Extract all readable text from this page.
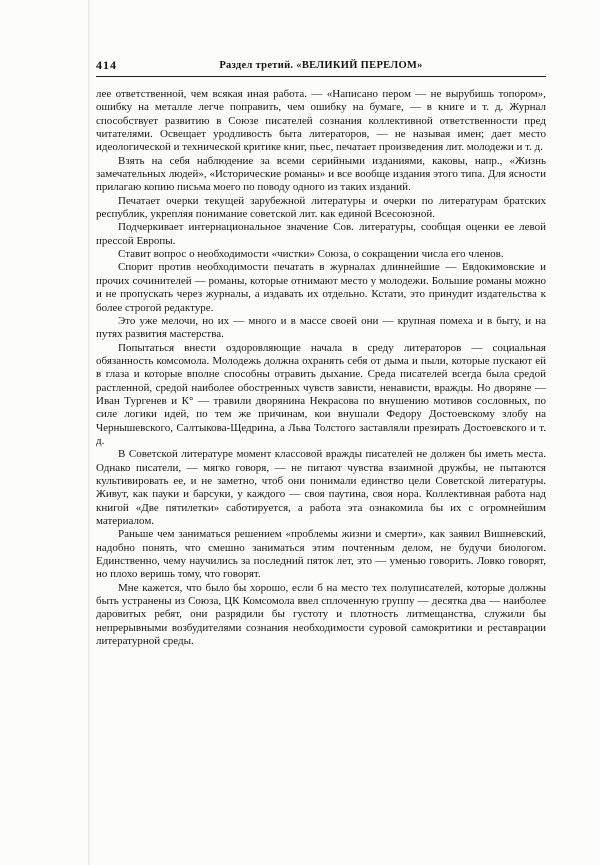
414	Раздел третий. «ВЕЛИКИЙ ПЕРЕЛОМ»

лее ответственной, чем всякая иная работа. — «Написано пером — не вырубишь топором», ошибку на металле легче поправить, чем ошибку на бумаге, — в книге и т. д. Журнал способствует развитию в Союзе писателей сознания коллективной ответственности пред читателями. Освещает уродливость быта литераторов, — не называя имен; дает место идеологической и технической критике книг, пьес, печатает произведения лит. молодежи и т. д.

Взять на себя наблюдение за всеми серийными изданиями, каковы, напр., «Жизнь замечательных людей», «Исторические романы» и все вообще издания этого типа. Для ясности прилагаю копию письма моего по поводу одного из таких изданий.

Печатает очерки текущей зарубежной литературы и очерки по литературам братских республик, укрепляя понимание советской лит. как единой Всесоюзной.

Подчеркивает интернациональное значение Сов. литературы, сообщая оценки ее левой прессой Европы.

Ставит вопрос о необходимости «чистки» Союза, о сокращении числа его членов.

Спорит против необходимости печатать в журналах длиннейшие — Евдокимовские и прочих сочинителей — романы, которые отнимают место у молодежи. Большие романы можно и не пропускать через журналы, а издавать их отдельно. Кстати, это принудит издательства к более строгой редактуре.

Это уже мелочи, но их — много и в массе своей они — крупная помеха и в быту, и на путях развития мастерства.

Попытаться внести оздоровляющие начала в среду литераторов — социальная обязанность комсомола. Молодежь должна охранять себя от дыма и пыли, которые пускают ей в глаза и которые вполне способны отравить дыхание. Среда писателей всегда была средой растленной, средой наиболее обостренных чувств зависти, ненависти, вражды. Но дворяне — Иван Тургенев и К° — травили дворянина Некрасова по внушению мотивов сословных, по силе логики идей, по тем же причинам, кои внушали Федору Достоевскому злобу на Чернышевского, Салтыкова-Щедрина, а Льва Толстого заставляли презирать Достоевского и т. д.

В Советской литературе момент классовой вражды писателей не должен бы иметь места. Однако писатели, — мягко говоря, — не питают чувства взаимной дружбы, не пытаются культивировать ее, и не заметно, чтоб они понимали единство цели Советской литературы. Живут, как пауки и барсуки, у каждого — своя паутина, своя нора. Коллективная работа над книгой «Две пятилетки» саботируется, а работа эта ознакомила бы их с огромнейшим материалом.

Раньше чем заниматься решением «проблемы жизни и смерти», как заявил Вишневский, надобно понять, что смешно заниматься этим почтенным делом, не будучи биологом. Единственно, чему научились за последний пяток лет, это — уменью говорить. Ловко говорят, но плохо веришь тому, что говорят.

Мне кажется, что было бы хорошо, если б на место тех полуписателей, которые должны быть устранены из Союза, ЦК Комсомола ввел сплоченную группу — десятка два — наиболее даровитых ребят, они разрядили бы густоту и плотность литмещанства, служили бы непрерывными возбудителями сознания необходимости суровой самокритики и реставрации литературной среды.
